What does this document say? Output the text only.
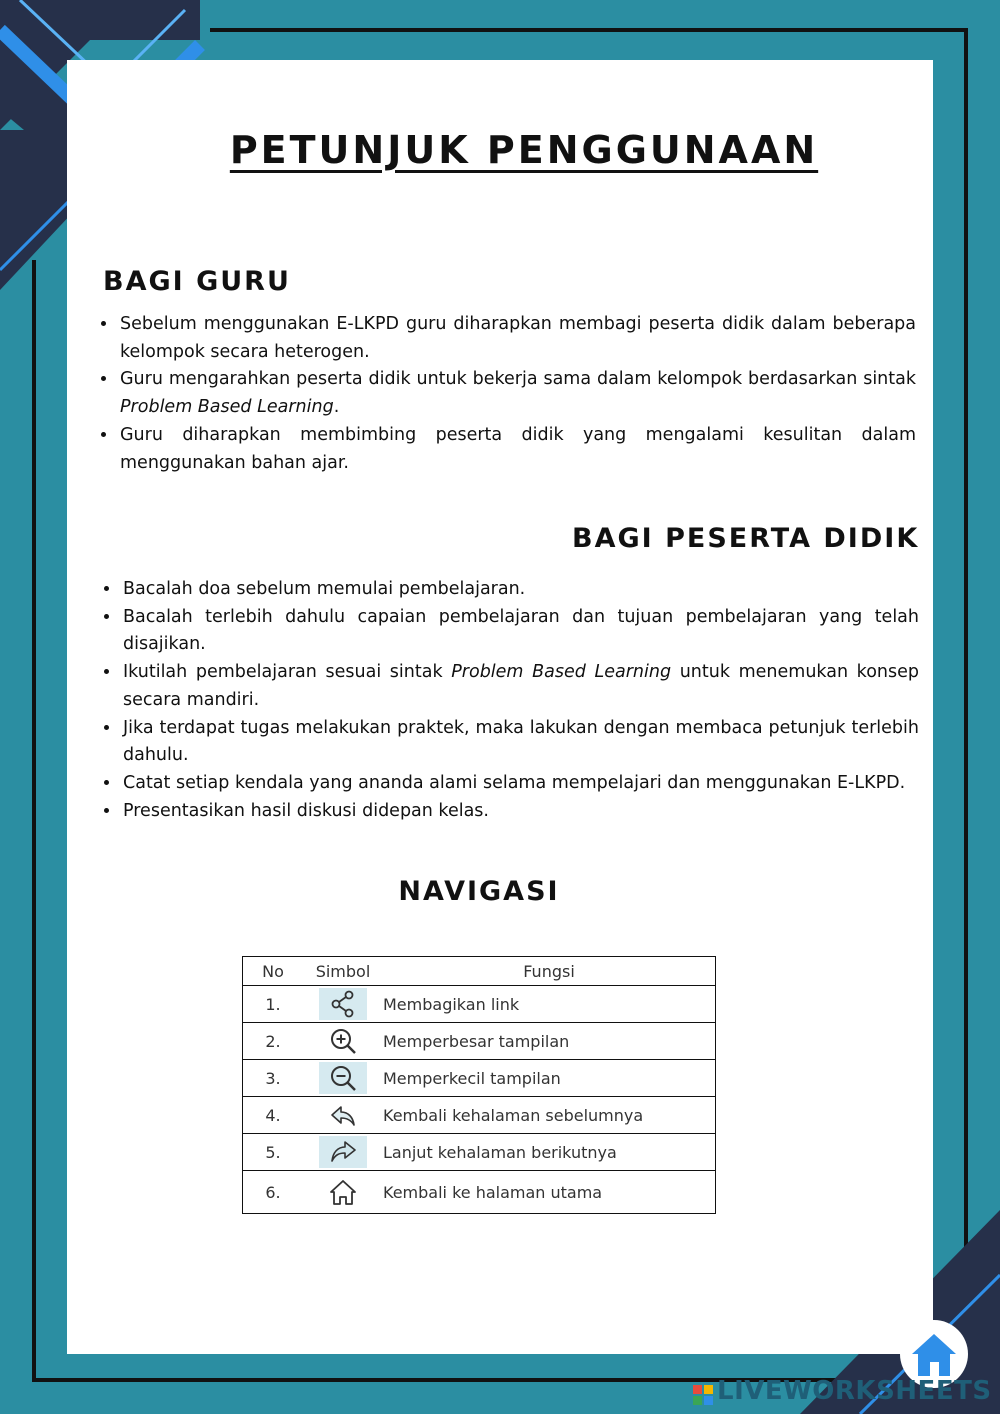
PETUNJUK PENGGUNAAN
BAGI GURU
• Sebelum menggunakan E-LKPD guru diharapkan membagi peserta didik dalam beberapa kelompok secara heterogen.
• Guru mengarahkan peserta didik untuk bekerja sama dalam kelompok berdasarkan sintak Problem Based Learning.
• Guru diharapkan membimbing peserta didik yang mengalami kesulitan dalam menggunakan bahan ajar.
BAGI PESERTA DIDIK
• Bacalah doa sebelum memulai pembelajaran.
• Bacalah terlebih dahulu capaian pembelajaran dan tujuan pembelajaran yang telah disajikan.
• Ikutilah pembelajaran sesuai sintak Problem Based Learning untuk menemukan konsep secara mandiri.
• Jika terdapat tugas melakukan praktek, maka lakukan dengan membaca petunjuk terlebih dahulu.
• Catat setiap kendala yang ananda alami selama mempelajari dan menggunakan E-LKPD.
• Presentasikan hasil diskusi didepan kelas.
NAVIGASI
No	Simbol	Fungsi
1.		Membagikan link
2.		Memperbesar tampilan
3.		Memperkecil tampilan
4.		Kembali kehalaman sebelumnya
5.		Lanjut kehalaman berikutnya
6.		Kembali ke halaman utama
LIVEWORKSHEETS
